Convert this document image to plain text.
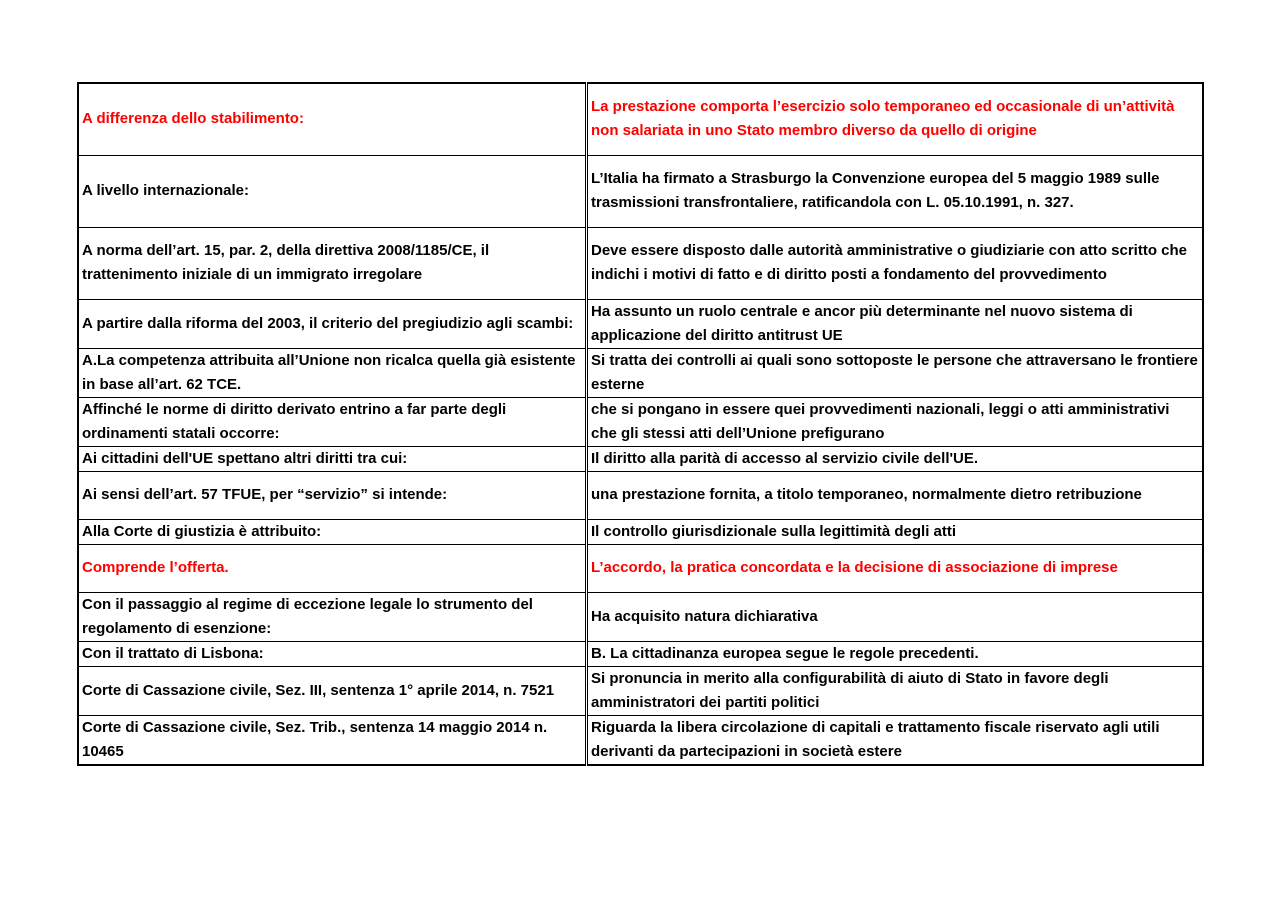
A differenza dello stabilimento:	La prestazione comporta l’esercizio solo temporaneo ed occasionale di un’attività non salariata in uno Stato membro diverso da quello di origine
A livello internazionale:	L’Italia ha firmato a Strasburgo la Convenzione europea del 5 maggio 1989 sulle trasmissioni transfrontaliere, ratificandola con L. 05.10.1991, n. 327.
A norma dell’art. 15, par. 2, della direttiva 2008/1185/CE, il trattenimento iniziale di un immigrato irregolare	Deve essere disposto dalle autorità amministrative o giudiziarie con atto scritto che indichi i motivi di fatto e di diritto posti a fondamento del provvedimento
A partire dalla riforma del 2003, il criterio del pregiudizio agli scambi:	Ha assunto un ruolo centrale e ancor più determinante nel nuovo sistema di applicazione del diritto antitrust UE
A.La competenza attribuita all’Unione non ricalca quella già esistente in base all’art. 62 TCE.	Si tratta dei controlli ai quali sono sottoposte le persone che attraversano le frontiere esterne
Affinché le norme di diritto derivato entrino a far parte degli ordinamenti statali occorre:	che si pongano in essere quei provvedimenti nazionali, leggi o atti amministrativi che gli stessi atti dell’Unione prefigurano
Ai cittadini dell'UE spettano altri diritti tra cui:	Il diritto alla parità di accesso al servizio civile dell'UE.
Ai sensi dell’art. 57 TFUE, per “servizio” si intende:	una prestazione fornita, a titolo temporaneo, normalmente dietro retribuzione
Alla Corte di giustizia è attribuito:	Il controllo giurisdizionale sulla legittimità degli atti
Comprende l’offerta.	L’accordo, la pratica concordata e la decisione di associazione di imprese
Con il passaggio al regime di eccezione legale lo strumento del regolamento di esenzione:	Ha acquisito natura dichiarativa
Con il trattato di Lisbona:	B. La cittadinanza europea segue le regole precedenti.
Corte di Cassazione civile, Sez. III, sentenza 1° aprile 2014, n. 7521	Si pronuncia in merito alla configurabilità di aiuto di Stato in favore degli amministratori dei partiti politici
Corte di Cassazione civile, Sez. Trib., sentenza 14 maggio 2014 n. 10465	Riguarda la libera circolazione di capitali e trattamento fiscale riservato agli utili derivanti da partecipazioni in società estere
